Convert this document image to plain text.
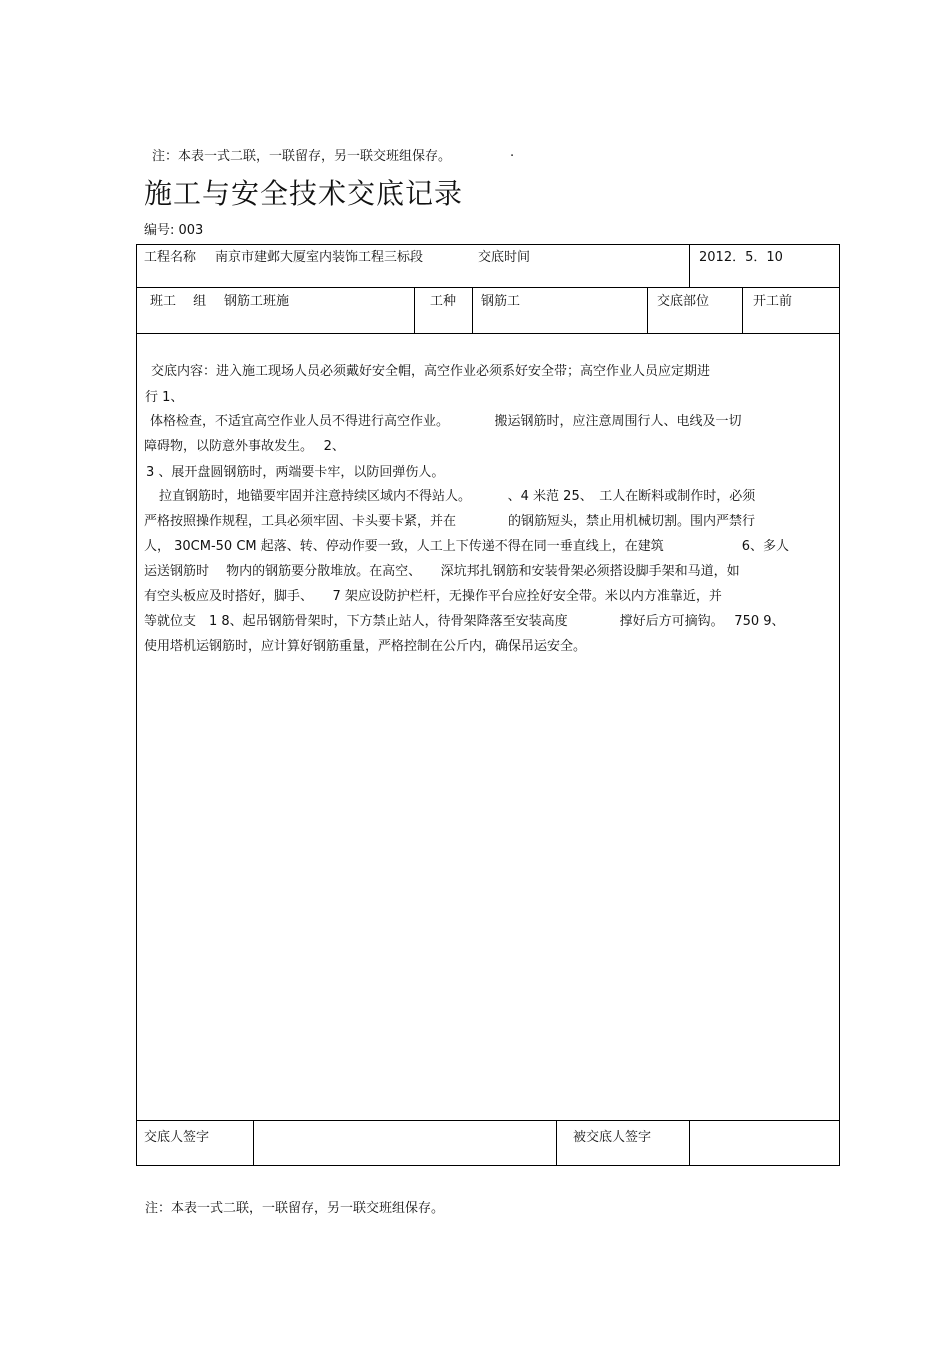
注：本表一式二联，一联留存，另一联交班组保存。	.
施工与安全技术交底记录
编号: 003
工程名称 南京市建邺大厦室内装饰工程三标段	交底时间	2012．5．10
班工　 组 钢筋工班施	工种 钢筋工	交底部位	开工前
交底内容：进入施工现场人员必须戴好安全帽，高空作业必须系好安全带；高空作业人员应定期进
行 1、
体格检查，不适宜高空作业人员不得进行高空作业。　　　　搬运钢筋时，应注意周围行人、电线及一切
障碍物，以防意外事故发生。　 2、
3 、展开盘圆钢筋时，两端要卡牢，以防回弹伤人。
拉直钢筋时，地锚要牢固并注意持续区域内不得站人。　　　 、4 米范 25、　工人在断料或制作时，必须
严格按照操作规程，工具必须牢固、卡头要卡紧，并在　　　　的钢筋短头，禁止用机械切割。围内严禁行
人， 30CM-50 CM 起落、转、停动作要一致，人工上下传递不得在同一垂直线上，在建筑　　　　　　6、多人
运送钢筋时　 物内的钢筋要分散堆放。在高空、　　深坑邦扎钢筋和安装骨架必须搭设脚手架和马道，如
有空头板应及时搭好，脚手、　　7 架应设防护栏杆，无操作平台应拴好安全带。米以内方准靠近，并
等就位支　1 8、起吊钢筋骨架时，下方禁止站人，待骨架降落至安装高度　　　　撑好后方可摘钩。　 750 9、
使用塔机运钢筋时，应计算好钢筋重量，严格控制在公斤内，确保吊运安全。
交底人签字	被交底人签字
注：本表一式二联，一联留存，另一联交班组保存。
